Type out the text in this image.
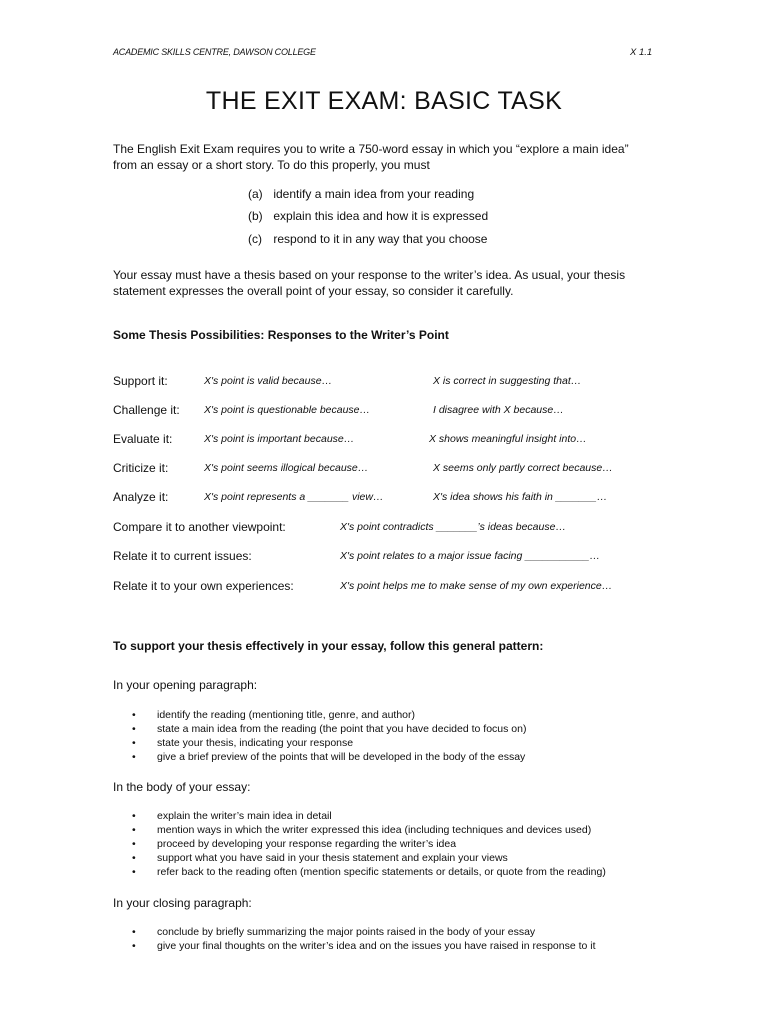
ACADEMIC SKILLS CENTRE, DAWSON COLLEGE	X 1.1
THE EXIT EXAM: BASIC TASK
The English Exit Exam requires you to write a 750-word essay in which you “explore a main idea”
from an essay or a short story. To do this properly, you must
(a) identify a main idea from your reading
(b) explain this idea and how it is expressed
(c) respond to it in any way that you choose
Your essay must have a thesis based on your response to the writer’s idea. As usual, your thesis
statement expresses the overall point of your essay, so consider it carefully.
Some Thesis Possibilities: Responses to the Writer’s Point
Support it:	X's point is valid because…	X is correct in suggesting that…
Challenge it: X's point is questionable because…	I disagree with X because…
Evaluate it:	X's point is important because…	X shows meaningful insight into…
Criticize it:	X's point seems illogical because…	X seems only partly correct because…
Analyze it:	X's point represents a _______ view…	X's idea shows his faith in _______…
Compare it to another viewpoint:	X's point contradicts _______’s ideas because…
Relate it to current issues:	X's point relates to a major issue facing ___________…
Relate it to your own experiences:	X's point helps me to make sense of my own experience…
To support your thesis effectively in your essay, follow this general pattern:
In your opening paragraph:
• identify the reading (mentioning title, genre, and author)
• state a main idea from the reading (the point that you have decided to focus on)
• state your thesis, indicating your response
• give a brief preview of the points that will be developed in the body of the essay
In the body of your essay:
• explain the writer’s main idea in detail
• mention ways in which the writer expressed this idea (including techniques and devices used)
• proceed by developing your response regarding the writer’s idea
• support what you have said in your thesis statement and explain your views
• refer back to the reading often (mention specific statements or details, or quote from the reading)
In your closing paragraph:
• conclude by briefly summarizing the major points raised in the body of your essay
• give your final thoughts on the writer’s idea and on the issues you have raised in response to it
